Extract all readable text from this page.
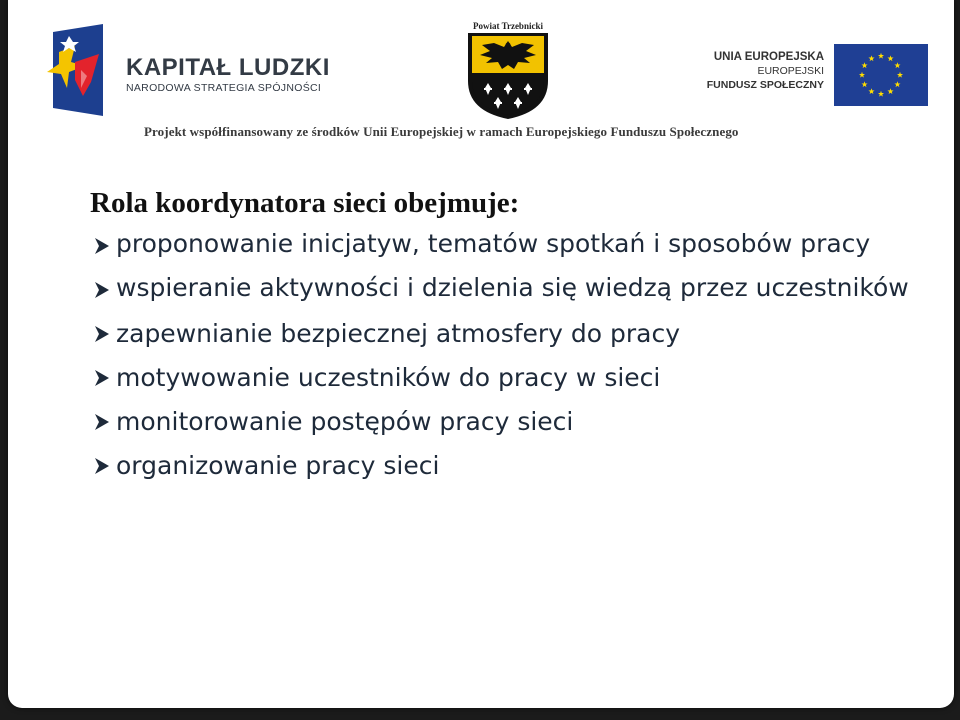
KAPITAŁ LUDZKI
NARODOWA STRATEGIA SPÓJNOŚCI
Powiat Trzebnicki
UNIA EUROPEJSKA
EUROPEJSKI
FUNDUSZ SPOŁECZNY
Projekt współfinansowany ze środków Unii Europejskiej w ramach Europejskiego Funduszu Społecznego
Rola koordynatora sieci obejmuje:
proponowanie inicjatyw, tematów spotkań i sposobów pracy
wspieranie aktywności i dzielenia się wiedzą przez uczestników
zapewnianie bezpiecznej atmosfery do pracy
motywowanie uczestników do pracy w sieci
monitorowanie postępów pracy sieci
organizowanie pracy sieci
